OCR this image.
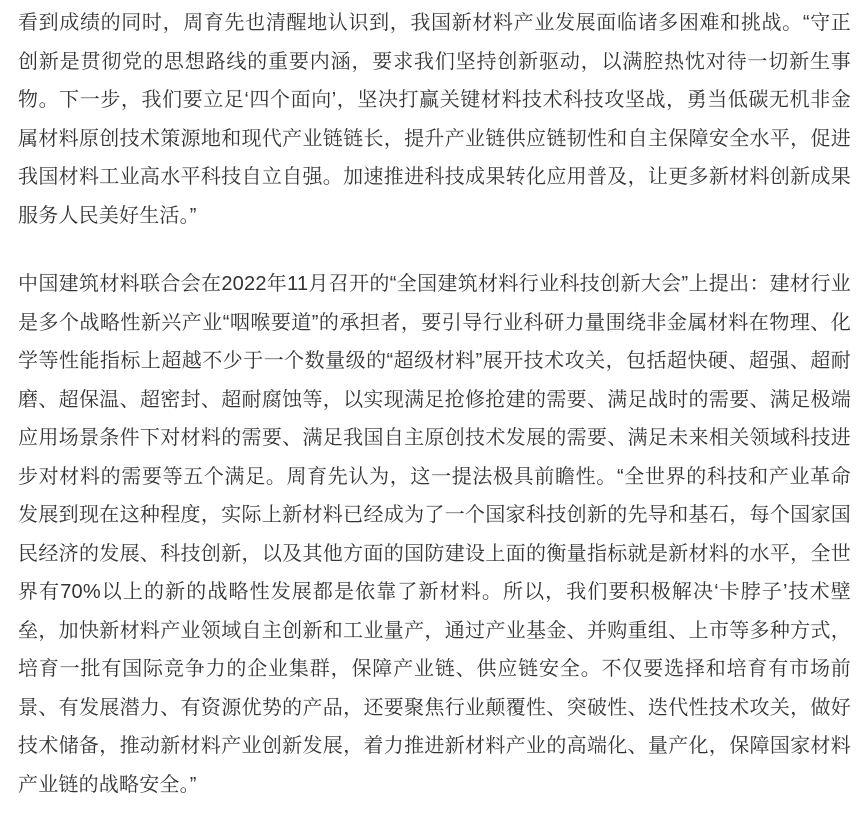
看到成绩的同时，周育先也清醒地认识到，我国新材料产业发展面临诸多困难和挑战。“守正创新是贯彻党的思想路线的重要内涵，要求我们坚持创新驱动，以满腔热忱对待一切新生事物。下一步，我们要立足‘四个面向’，坚决打赢关键材料技术科技攻坚战，勇当低碳无机非金属材料原创技术策源地和现代产业链链长，提升产业链供应链韧性和自主保障安全水平，促进我国材料工业高水平科技自立自强。加速推进科技成果转化应用普及，让更多新材料创新成果服务人民美好生活。”

中国建筑材料联合会在2022年11月召开的“全国建筑材料行业科技创新大会”上提出：建材行业是多个战略性新兴产业“咽喉要道”的承担者，要引导行业科研力量围绕非金属材料在物理、化学等性能指标上超越不少于一个数量级的“超级材料”展开技术攻关，包括超快硬、超强、超耐磨、超保温、超密封、超耐腐蚀等，以实现满足抢修抢建的需要、满足战时的需要、满足极端应用场景条件下对材料的需要、满足我国自主原创技术发展的需要、满足未来相关领域科技进步对材料的需要等五个满足。周育先认为，这一提法极具前瞻性。“全世界的科技和产业革命发展到现在这种程度，实际上新材料已经成为了一个国家科技创新的先导和基石，每个国家国民经济的发展、科技创新，以及其他方面的国防建设上面的衡量指标就是新材料的水平，全世界有70%以上的新的战略性发展都是依靠了新材料。所以，我们要积极解决‘卡脖子’技术壁垒，加快新材料产业领域自主创新和工业量产，通过产业基金、并购重组、上市等多种方式，培育一批有国际竞争力的企业集群，保障产业链、供应链安全。不仅要选择和培育有市场前景、有发展潜力、有资源优势的产品，还要聚焦行业颠覆性、突破性、迭代性技术攻关，做好技术储备，推动新材料产业创新发展，着力推进新材料产业的高端化、量产化，保障国家材料产业链的战略安全。”
